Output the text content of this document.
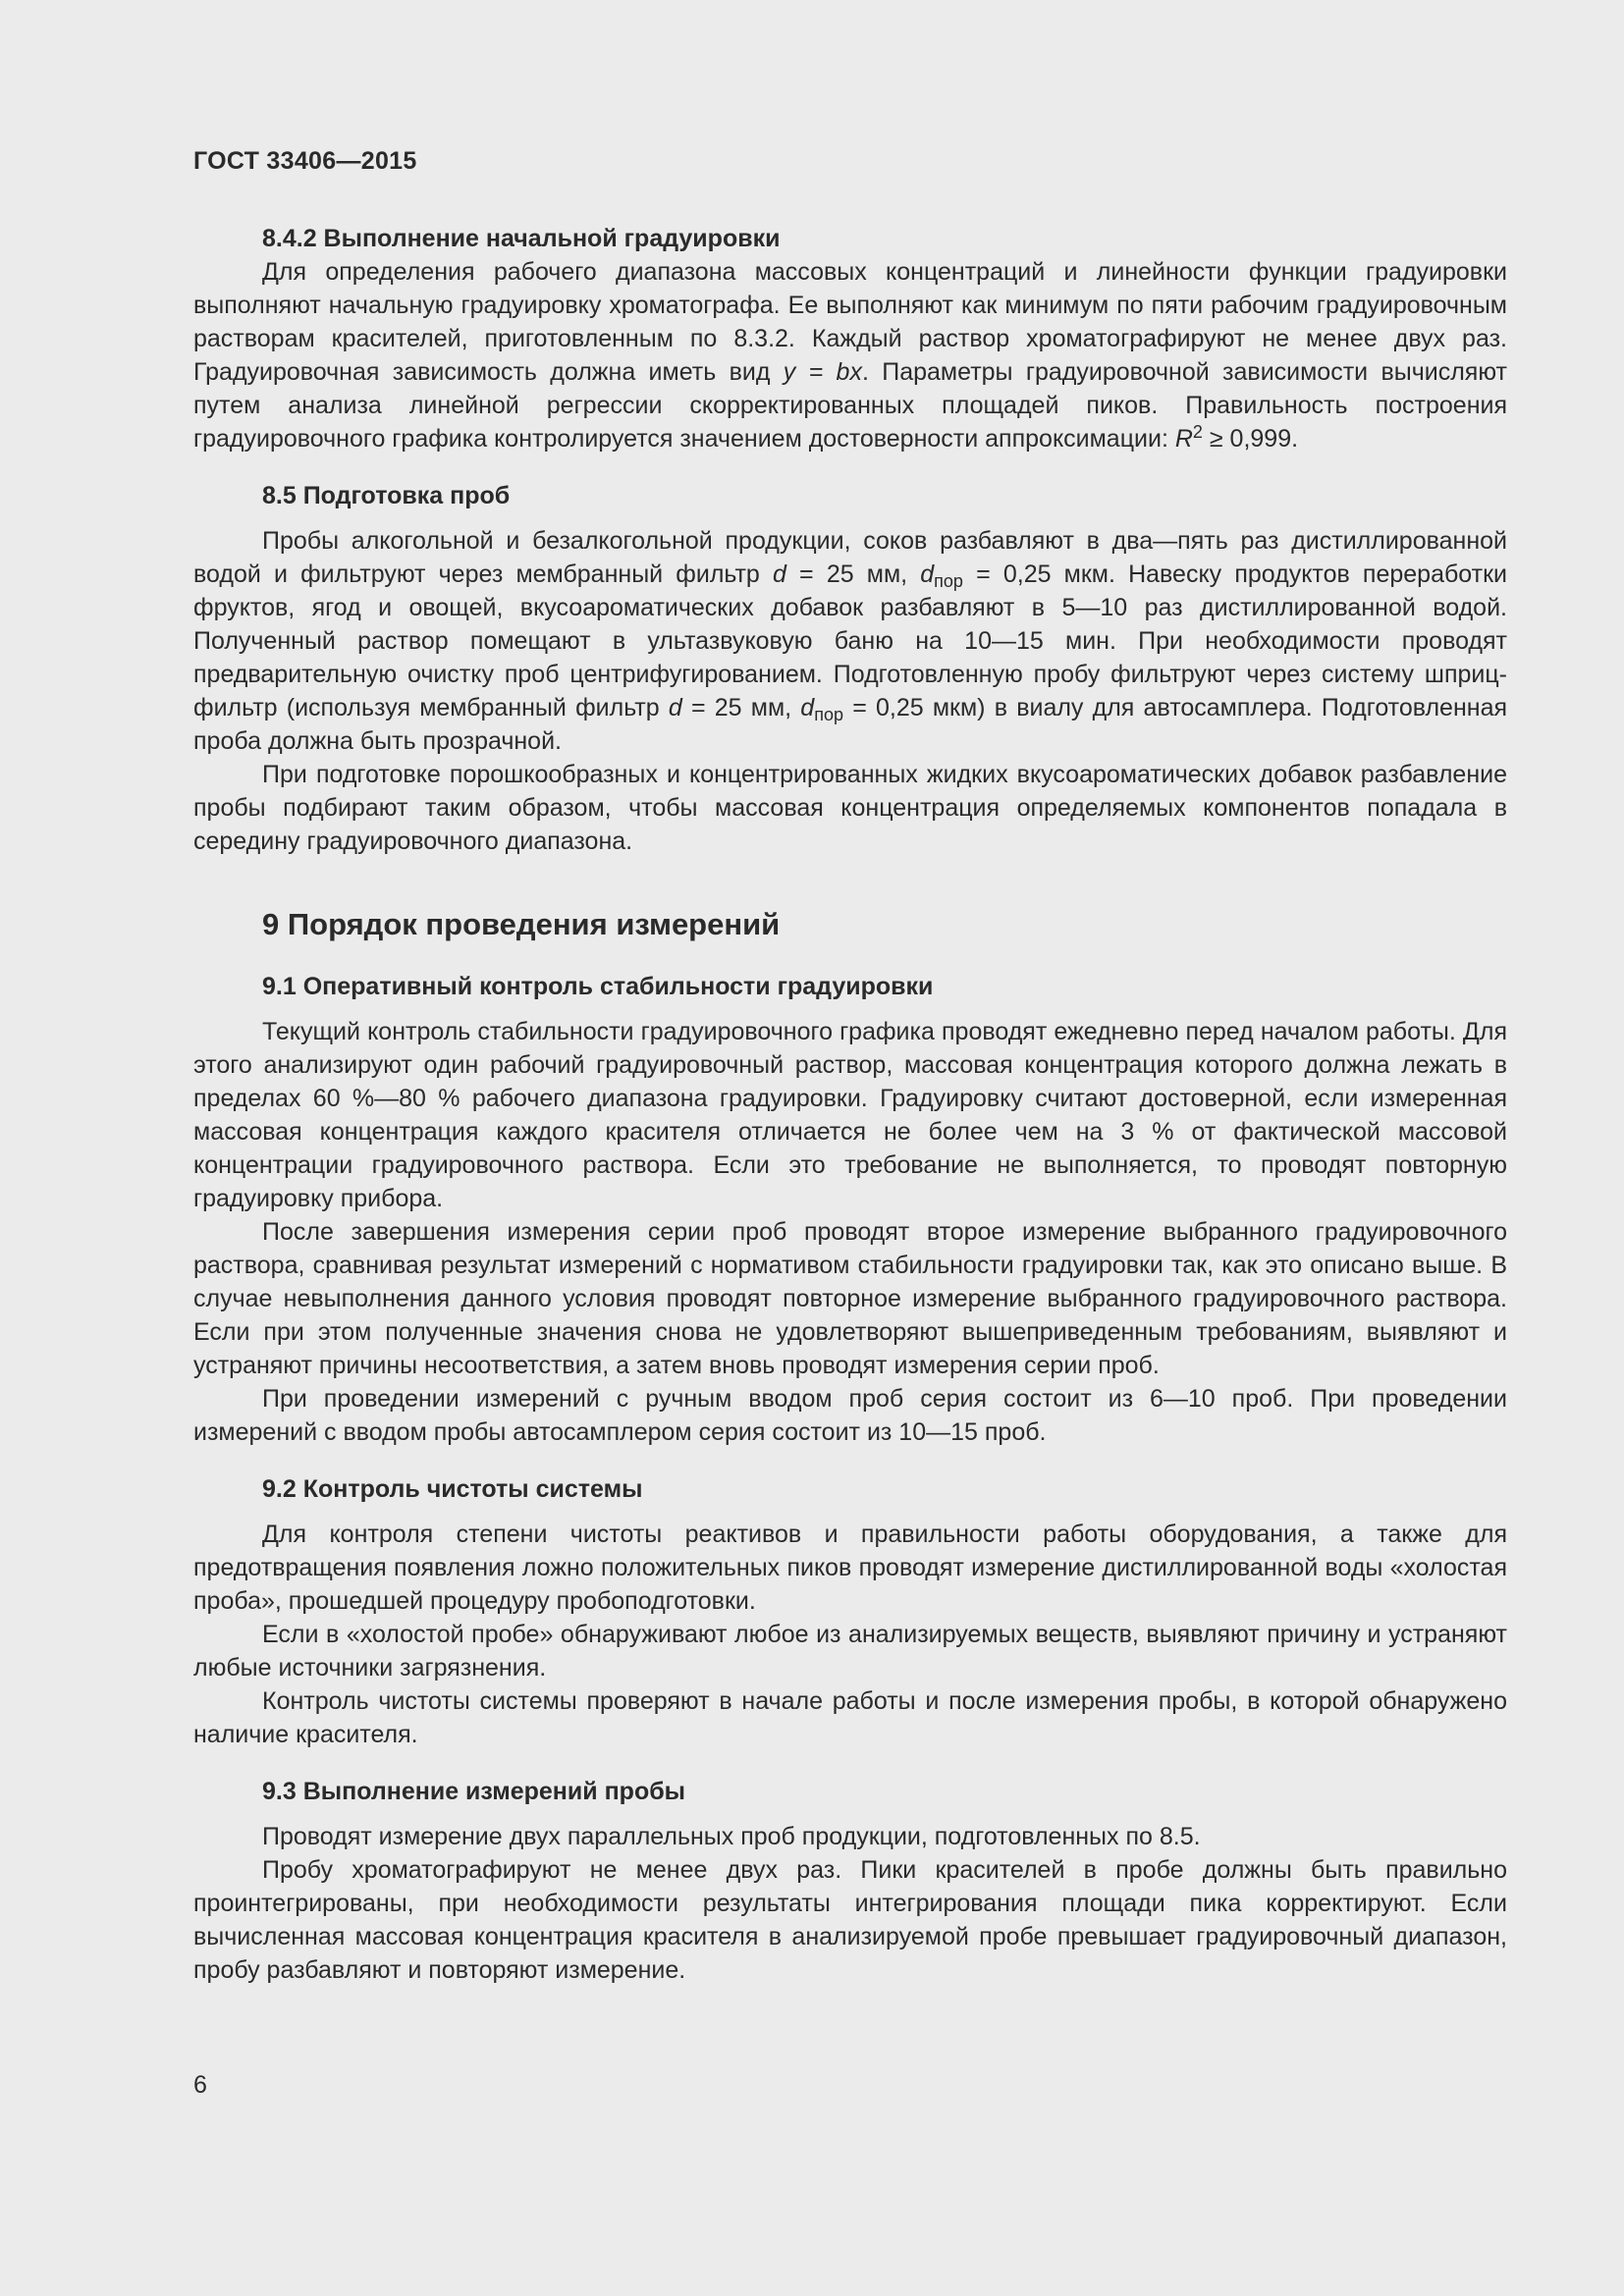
ГОСТ 33406—2015
8.4.2 Выполнение начальной градуировки

Для определения рабочего диапазона массовых концентраций и линейности функции градуировки выполняют начальную градуировку хроматографа. Ее выполняют как минимум по пяти рабочим градуировочным растворам красителей, приготовленным по 8.3.2. Каждый раствор хроматографируют не менее двух раз. Градуировочная зависимость должна иметь вид y = bx. Параметры градуировочной зависимости вычисляют путем анализа линейной регрессии скорректированных площадей пиков. Правильность построения градуировочного графика контролируется значением достоверности аппроксимации: $R^2 \ge 0,999$.

8.5 Подготовка проб

Пробы алкогольной и безалкогольной продукции, соков разбавляют в два—пять раз дистиллированной водой и фильтруют через мембранный фильтр d = 25 мм, $d_{пор} = 0,25$ мкм. Навеску продуктов переработки фруктов, ягод и овощей, вкусоароматических добавок разбавляют в 5—10 раз дистиллированной водой. Полученный раствор помещают в ультазвуковую баню на 10—15 мин. При необходимости проводят предварительную очистку проб центрифугированием. Подготовленную пробу фильтруют через систему шприц-фильтр (используя мембранный фильтр d = 25 мм, $d_{пор} = 0,25$ мкм) в виалу для автосамплера. Подготовленная проба должна быть прозрачной.

При подготовке порошкообразных и концентрированных жидких вкусоароматических добавок разбавление пробы подбирают таким образом, чтобы массовая концентрация определяемых компонентов попадала в середину градуировочного диапазона.

9 Порядок проведения измерений
9.1 Оперативный контроль стабильности градуировки

Текущий контроль стабильности градуировочного графика проводят ежедневно перед началом работы. Для этого анализируют один рабочий градуировочный раствор, массовая концентрация которого должна лежать в пределах 60 %—80 % рабочего диапазона градуировки. Градуировку считают достоверной, если измеренная массовая концентрация каждого красителя отличается не более чем на 3 % от фактической массовой концентрации градуировочного раствора. Если это требование не выполняется, то проводят повторную градуировку прибора.

После завершения измерения серии проб проводят второе измерение выбранного градуировочного раствора, сравнивая результат измерений с нормативом стабильности градуировки так, как это описано выше. В случае невыполнения данного условия проводят повторное измерение выбранного градуировочного раствора. Если при этом полученные значения снова не удовлетворяют вышеприведенным требованиям, выявляют и устраняют причины несоответствия, а затем вновь проводят измерения серии проб.

При проведении измерений с ручным вводом проб серия состоит из 6—10 проб. При проведении измерений с вводом пробы автосамплером серия состоит из 10—15 проб.

9.2 Контроль чистоты системы

Для контроля степени чистоты реактивов и правильности работы оборудования, а также для предотвращения появления ложно положительных пиков проводят измерение дистиллированной воды «холостая проба», прошедшей процедуру пробоподготовки.

Если в «холостой пробе» обнаруживают любое из анализируемых веществ, выявляют причину и устраняют любые источники загрязнения.

Контроль чистоты системы проверяют в начале работы и после измерения пробы, в которой обнаружено наличие красителя.

9.3 Выполнение измерений пробы

Проводят измерение двух параллельных проб продукции, подготовленных по 8.5.

Пробу хроматографируют не менее двух раз. Пики красителей в пробе должны быть правильно проинтегрированы, при необходимости результаты интегрирования площади пика корректируют. Если вычисленная массовая концентрация красителя в анализируемой пробе превышает градуировочный диапазон, пробу разбавляют и повторяют измерение.

6
